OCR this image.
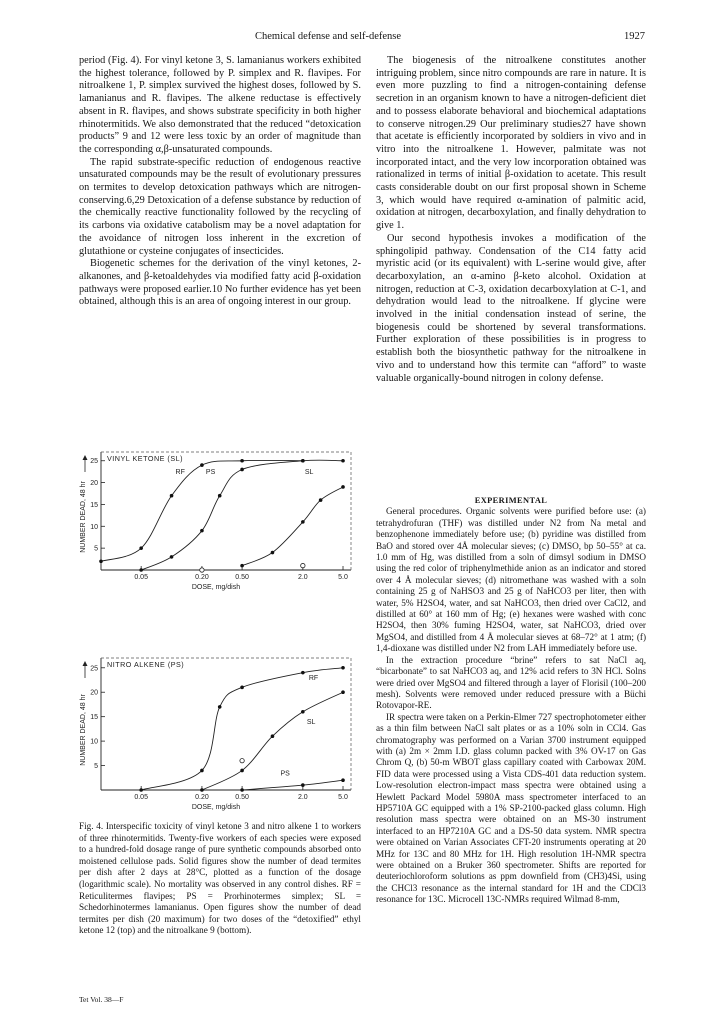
Chemical defense and self-defense	1927

period (Fig. 4). For vinyl ketone 3, S. lamanianus workers exhibited the highest tolerance, followed by P. simplex and R. flavipes. For nitroalkene 1, P. simplex survived the highest doses, followed by S. lamanianus and R. flavipes. The alkene reductase is effectively absent in R. flavipes, and shows substrate specificity in both higher rhinotermitids. We also demonstrated that the reduced “detoxication products” 9 and 12 were less toxic by an order of magnitude than the corresponding α,β-unsaturated compounds.

The rapid substrate-specific reduction of endogenous reactive unsaturated compounds may be the result of evolutionary pressures on termites to develop detoxication pathways which are nitrogen-conserving.6,29 Detoxication of a defense substance by reduction of the chemically reactive functionality followed by the recycling of its carbons via oxidative catabolism may be a novel adaptation for the avoidance of nitrogen loss inherent in the excretion of glutathione or cysteine conjugates of insecticides.

Biogenetic schemes for the derivation of the vinyl ketones, 2-alkanones, and β-ketoaldehydes via modified fatty acid β-oxidation pathways were proposed earlier.10 No further evidence has yet been obtained, although this is an area of ongoing interest in our group.

The biogenesis of the nitroalkene constitutes another intriguing problem, since nitro compounds are rare in nature. It is even more puzzling to find a nitrogen-containing defense secretion in an organism known to have a nitrogen-deficient diet and to possess elaborate behavioral and biochemical adaptations to conserve nitrogen.29 Our preliminary studies27 have shown that acetate is efficiently incorporated by soldiers in vivo and in vitro into the nitroalkene 1. However, palmitate was not incorporated intact, and the very low incorporation obtained was rationalized in terms of initial β-oxidation to acetate. This result casts considerable doubt on our first proposal shown in Scheme 3, which would have required α-amination of palmitic acid, oxidation at nitrogen, decarboxylation, and finally dehydration to give 1.

Our second hypothesis invokes a modification of the sphingolipid pathway. Condensation of the C14 fatty acid myristic acid (or its equivalent) with L-serine would give, after decarboxylation, an α-amino β-keto alcohol. Oxidation at nitrogen, reduction at C-3, oxidation decarboxylation at C-1, and dehydration would lead to the nitroalkene. If glycine were involved in the initial condensation instead of serine, the biogenesis could be shortened by several transformations. Further exploration of these possibilities is in progress to establish both the biosynthetic pathway for the nitroalkene in vivo and to understand how this termite can “afford” to waste valuable organically-bound nitrogen in colony defense.

EXPERIMENTAL

General procedures. Organic solvents were purified before use: (a) tetrahydrofuran (THF) was distilled under N2 from Na metal and benzophenone immediately before use; (b) pyridine was distilled from BaO and stored over 4Å molecular sieves; (c) DMSO, bp 50–55° at ca. 1.0 mm of Hg, was distilled from a soln of dimsyl sodium in DMSO using the red color of triphenylmethide anion as an indicator and stored over 4 Å molecular sieves; (d) nitromethane was washed with a soln containing 25 g of NaHSO3 and 25 g of NaHCO3 per liter, then with water, 5% H2SO4, water, and sat NaHCO3, then dried over CaCl2, and distilled at 60° at 160 mm of Hg; (e) hexanes were washed with conc H2SO4, then 30% fuming H2SO4, water, sat NaHCO3, dried over MgSO4, and distilled from 4 Å molecular sieves at 68–72° at 1 atm; (f) 1,4-dioxane was distilled under N2 from LAH immediately before use.

In the extraction procedure “brine” refers to sat NaCl aq, “bicarbonate” to sat NaHCO3 aq, and 12% acid refers to 3N HCl. Solns were dried over MgSO4 and filtered through a layer of Florisil (100–200 mesh). Solvents were removed under reduced pressure with a Büchi Rotovapor-RE.

IR spectra were taken on a Perkin-Elmer 727 spectrophotometer either as a thin film between NaCl salt plates or as a 10% soln in CCl4. Gas chromatography was performed on a Varian 3700 instrument equipped with (a) 2m × 2mm I.D. glass column packed with 3% OV-17 on Gas Chrom Q, (b) 50-m WBOT glass capillary coated with Carbowax 20M. FID data were processed using a Vista CDS-401 data reduction system. Low-resolution electron-impact mass spectra were obtained using a Hewlett Packard Model 5980A mass spectrometer interfaced to an HP5710A GC equipped with a 1% SP-2100-packed glass column. High resolution mass spectra were obtained on an MS-30 instrument interfaced to an HP7210A GC and a DS-50 data system. NMR spectra were obtained on Varian Associates CFT-20 instruments operating at 20 MHz for 13C and 80 MHz for 1H. High resolution 1H-NMR spectra were obtained on a Bruker 360 spectrometer. Shifts are reported for deuteriochloroform solutions as ppm downfield from (CH3)4Si, using the CHCl3 resonance as the internal standard for 1H and the CDCl3 resonance for 13C. Microcell 13C-NMRs required Wilmad 8-mm,

VINYL KETONE (SL)
5
10
15
20
25
0.05	0.20	0.50	2.0	5.0
DOSE, mg/dish
NUMBER DEAD, 48 hr
RF	PS	SL
NITRO ALKENE (PS)
5
10
15
20
25
0.05	0.20	0.50	2.0	5.0
DOSE, mg/dish
NUMBER DEAD, 48 hr
RF
SL
PS

Fig. 4. Interspecific toxicity of vinyl ketone 3 and nitro alkene 1 to workers of three rhinotermitids. Twenty-five workers of each species were exposed to a hundred-fold dosage range of pure synthetic compounds absorbed onto moistened cellulose pads. Solid figures show the number of dead termites per dish after 2 days at 28°C, plotted as a function of the dosage (logarithmic scale). No mortality was observed in any control dishes. RF = Reticulitermes flavipes; PS = Prorhinotermes simplex; SL = Schedorhinotermes lamanianus. Open figures show the number of dead termites per dish (20 maximum) for two doses of the “detoxified” ethyl ketone 12 (top) and the nitroalkane 9 (bottom).

Tet Vol. 38—F
